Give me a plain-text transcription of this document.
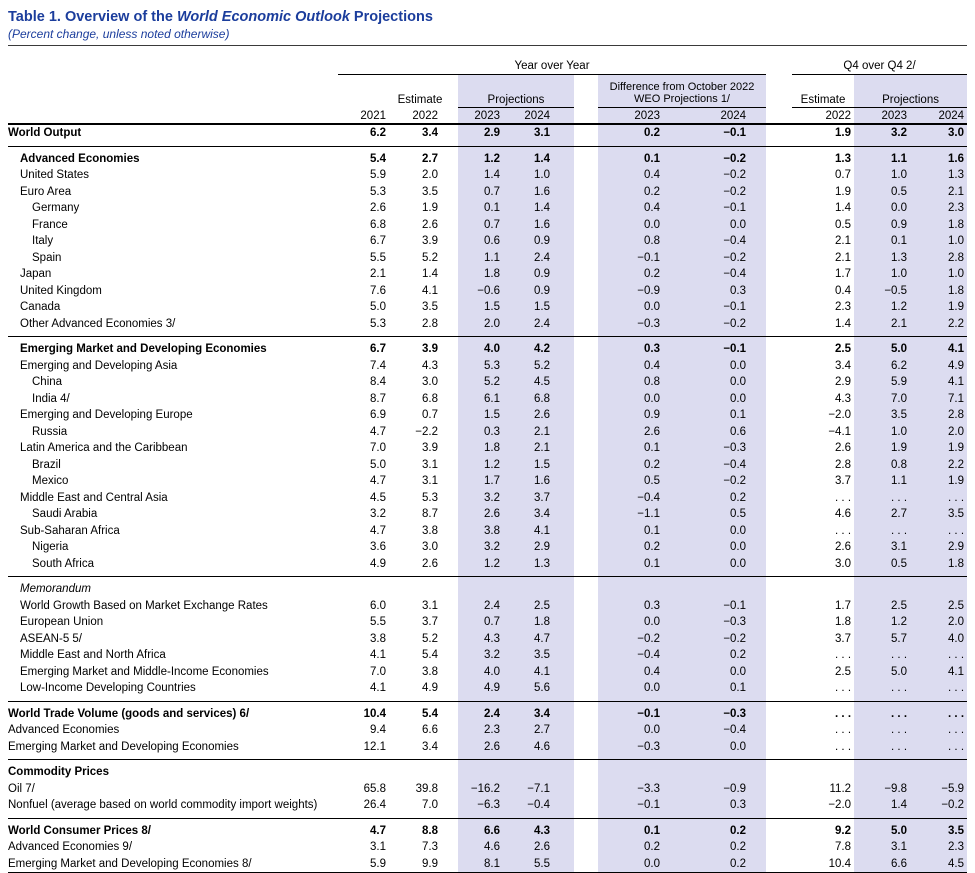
Table 1. Overview of the World Economic Outlook Projections
(Percent change, unless noted otherwise)
	Year over Year									Q4 over Q4 2/		
		Estimate		Projections			Difference from October 2022
WEO Projections 1/			Estimate	Projections	
	2021	2022		2023	2024		2023	2024		2022	2023	2024
World Output	6.2	3.4		2.9	3.1		0.2	−0.1		1.9	3.2	3.0
Advanced Economies	5.4	2.7		1.2	1.4		0.1	−0.2		1.3	1.1	1.6
United States	5.9	2.0		1.4	1.0		0.4	−0.2		0.7	1.0	1.3
Euro Area	5.3	3.5		0.7	1.6		0.2	−0.2		1.9	0.5	2.1
Germany	2.6	1.9		0.1	1.4		0.4	−0.1		1.4	0.0	2.3
France	6.8	2.6		0.7	1.6		0.0	0.0		0.5	0.9	1.8
Italy	6.7	3.9		0.6	0.9		0.8	−0.4		2.1	0.1	1.0
Spain	5.5	5.2		1.1	2.4		−0.1	−0.2		2.1	1.3	2.8
Japan	2.1	1.4		1.8	0.9		0.2	−0.4		1.7	1.0	1.0
United Kingdom	7.6	4.1		−0.6	0.9		−0.9	0.3		0.4	−0.5	1.8
Canada	5.0	3.5		1.5	1.5		0.0	−0.1		2.3	1.2	1.9
Other Advanced Economies 3/	5.3	2.8		2.0	2.4		−0.3	−0.2		1.4	2.1	2.2
Emerging Market and Developing Economies	6.7	3.9		4.0	4.2		0.3	−0.1		2.5	5.0	4.1
Emerging and Developing Asia	7.4	4.3		5.3	5.2		0.4	0.0		3.4	6.2	4.9
China	8.4	3.0		5.2	4.5		0.8	0.0		2.9	5.9	4.1
India 4/	8.7	6.8		6.1	6.8		0.0	0.0		4.3	7.0	7.1
Emerging and Developing Europe	6.9	0.7		1.5	2.6		0.9	0.1		−2.0	3.5	2.8
Russia	4.7	−2.2		0.3	2.1		2.6	0.6		−4.1	1.0	2.0
Latin America and the Caribbean	7.0	3.9		1.8	2.1		0.1	−0.3		2.6	1.9	1.9
Brazil	5.0	3.1		1.2	1.5		0.2	−0.4		2.8	0.8	2.2
Mexico	4.7	3.1		1.7	1.6		0.5	−0.2		3.7	1.1	1.9
Middle East and Central Asia	4.5	5.3		3.2	3.7		−0.4	0.2		. . .	. . .	. . .
Saudi Arabia	3.2	8.7		2.6	3.4		−1.1	0.5		4.6	2.7	3.5
Sub-Saharan Africa	4.7	3.8		3.8	4.1		0.1	0.0		. . .	. . .	. . .
Nigeria	3.6	3.0		3.2	2.9		0.2	0.0		2.6	3.1	2.9
South Africa	4.9	2.6		1.2	1.3		0.1	0.0		3.0	0.5	1.8
Memorandum												
World Growth Based on Market Exchange Rates	6.0	3.1		2.4	2.5		0.3	−0.1		1.7	2.5	2.5
European Union	5.5	3.7		0.7	1.8		0.0	−0.3		1.8	1.2	2.0
ASEAN-5 5/	3.8	5.2		4.3	4.7		−0.2	−0.2		3.7	5.7	4.0
Middle East and North Africa	4.1	5.4		3.2	3.5		−0.4	0.2		. . .	. . .	. . .
Emerging Market and Middle-Income Economies	7.0	3.8		4.0	4.1		0.4	0.0		2.5	5.0	4.1
Low-Income Developing Countries	4.1	4.9		4.9	5.6		0.0	0.1		. . .	. . .	. . .
World Trade Volume (goods and services) 6/	10.4	5.4		2.4	3.4		−0.1	−0.3		. . .	. . .	. . .
Advanced Economies	9.4	6.6		2.3	2.7		0.0	−0.4		. . .	. . .	. . .
Emerging Market and Developing Economies	12.1	3.4		2.6	4.6		−0.3	0.0		. . .	. . .	. . .
Commodity Prices												
Oil 7/	65.8	39.8		−16.2	−7.1		−3.3	−0.9		11.2	−9.8	−5.9
Nonfuel (average based on world commodity import weights)	26.4	7.0		−6.3	−0.4		−0.1	0.3		−2.0	1.4	−0.2
World Consumer Prices 8/	4.7	8.8		6.6	4.3		0.1	0.2		9.2	5.0	3.5
Advanced Economies 9/	3.1	7.3		4.6	2.6		0.2	0.2		7.8	3.1	2.3
Emerging Market and Developing Economies 8/	5.9	9.9		8.1	5.5		0.0	0.2		10.4	6.6	4.5
